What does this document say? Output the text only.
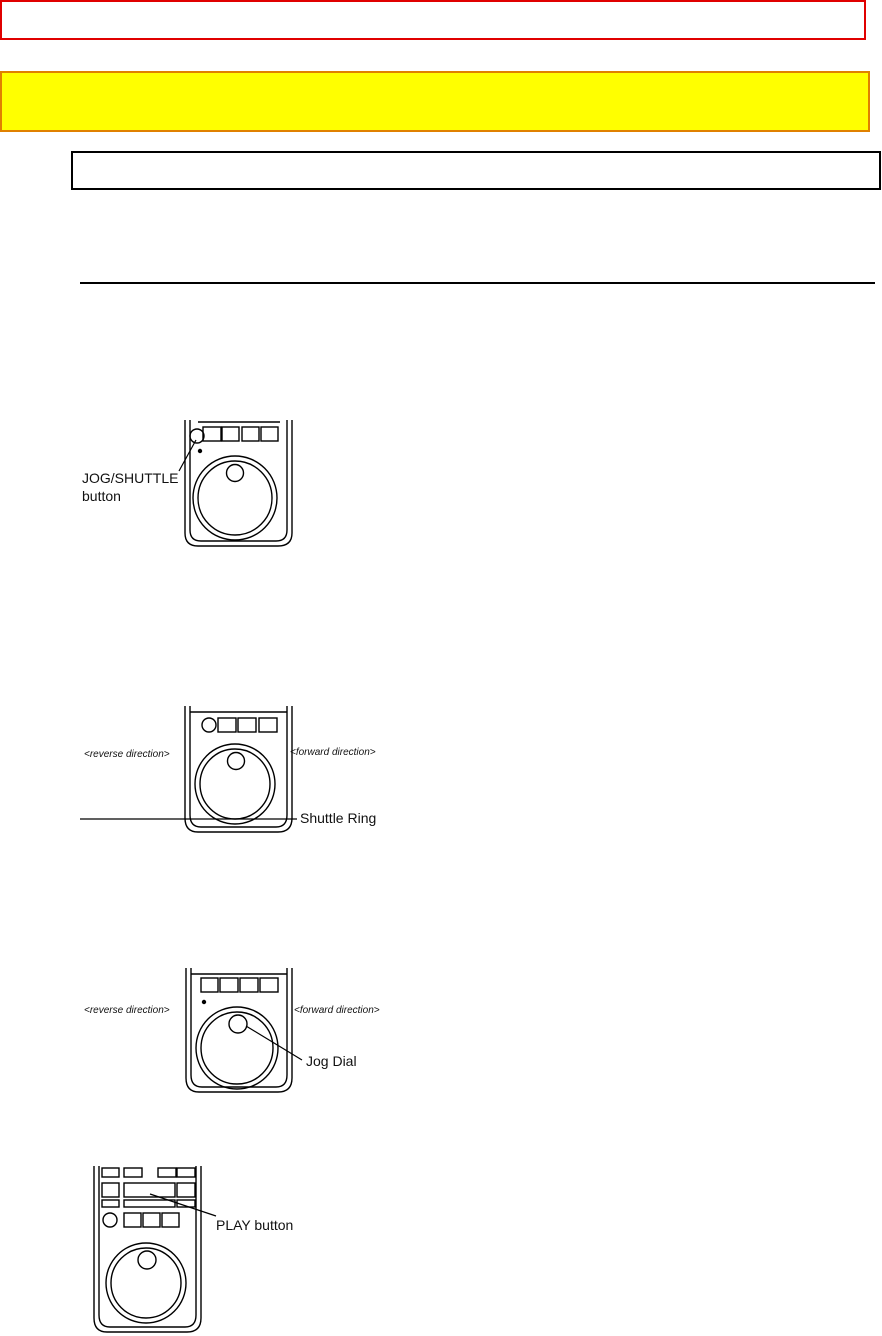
JOG/SHUTTLE
button
<reverse direction>	<forward direction>
Shuttle Ring
<reverse direction>	<forward direction>
Jog Dial
PLAY button
